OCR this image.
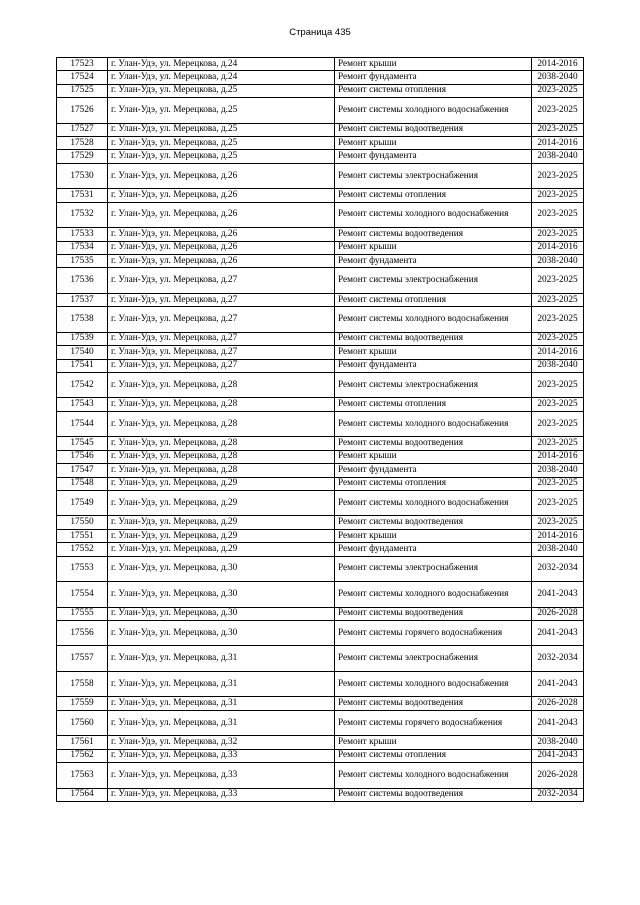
Страница 435
17523	г. Улан-Удэ, ул. Мерецкова, д.24	Ремонт крыши	2014-2016
17524	г. Улан-Удэ, ул. Мерецкова, д.24	Ремонт фундамента	2038-2040
17525	г. Улан-Удэ, ул. Мерецкова, д.25	Ремонт системы отопления	2023-2025
17526	г. Улан-Удэ, ул. Мерецкова, д.25	Ремонт системы холодного водоснабжения	2023-2025
17527	г. Улан-Удэ, ул. Мерецкова, д.25	Ремонт системы водоотведения	2023-2025
17528	г. Улан-Удэ, ул. Мерецкова, д.25	Ремонт крыши	2014-2016
17529	г. Улан-Удэ, ул. Мерецкова, д.25	Ремонт фундамента	2038-2040
17530	г. Улан-Удэ, ул. Мерецкова, д.26	Ремонт системы электроснабжения	2023-2025
17531	г. Улан-Удэ, ул. Мерецкова, д.26	Ремонт системы отопления	2023-2025
17532	г. Улан-Удэ, ул. Мерецкова, д.26	Ремонт системы холодного водоснабжения	2023-2025
17533	г. Улан-Удэ, ул. Мерецкова, д.26	Ремонт системы водоотведения	2023-2025
17534	г. Улан-Удэ, ул. Мерецкова, д.26	Ремонт крыши	2014-2016
17535	г. Улан-Удэ, ул. Мерецкова, д.26	Ремонт фундамента	2038-2040
17536	г. Улан-Удэ, ул. Мерецкова, д.27	Ремонт системы электроснабжения	2023-2025
17537	г. Улан-Удэ, ул. Мерецкова, д.27	Ремонт системы отопления	2023-2025
17538	г. Улан-Удэ, ул. Мерецкова, д.27	Ремонт системы холодного водоснабжения	2023-2025
17539	г. Улан-Удэ, ул. Мерецкова, д.27	Ремонт системы водоотведения	2023-2025
17540	г. Улан-Удэ, ул. Мерецкова, д.27	Ремонт крыши	2014-2016
17541	г. Улан-Удэ, ул. Мерецкова, д.27	Ремонт фундамента	2038-2040
17542	г. Улан-Удэ, ул. Мерецкова, д.28	Ремонт системы электроснабжения	2023-2025
17543	г. Улан-Удэ, ул. Мерецкова, д.28	Ремонт системы отопления	2023-2025
17544	г. Улан-Удэ, ул. Мерецкова, д.28	Ремонт системы холодного водоснабжения	2023-2025
17545	г. Улан-Удэ, ул. Мерецкова, д.28	Ремонт системы водоотведения	2023-2025
17546	г. Улан-Удэ, ул. Мерецкова, д.28	Ремонт крыши	2014-2016
17547	г. Улан-Удэ, ул. Мерецкова, д.28	Ремонт фундамента	2038-2040
17548	г. Улан-Удэ, ул. Мерецкова, д.29	Ремонт системы отопления	2023-2025
17549	г. Улан-Удэ, ул. Мерецкова, д.29	Ремонт системы холодного водоснабжения	2023-2025
17550	г. Улан-Удэ, ул. Мерецкова, д.29	Ремонт системы водоотведения	2023-2025
17551	г. Улан-Удэ, ул. Мерецкова, д.29	Ремонт крыши	2014-2016
17552	г. Улан-Удэ, ул. Мерецкова, д.29	Ремонт фундамента	2038-2040
17553	г. Улан-Удэ, ул. Мерецкова, д.30	Ремонт системы электроснабжения	2032-2034
17554	г. Улан-Удэ, ул. Мерецкова, д.30	Ремонт системы холодного водоснабжения	2041-2043
17555	г. Улан-Удэ, ул. Мерецкова, д.30	Ремонт системы водоотведения	2026-2028
17556	г. Улан-Удэ, ул. Мерецкова, д.30	Ремонт системы горячего водоснабжения	2041-2043
17557	г. Улан-Удэ, ул. Мерецкова, д.31	Ремонт системы электроснабжения	2032-2034
17558	г. Улан-Удэ, ул. Мерецкова, д.31	Ремонт системы холодного водоснабжения	2041-2043
17559	г. Улан-Удэ, ул. Мерецкова, д.31	Ремонт системы водоотведения	2026-2028
17560	г. Улан-Удэ, ул. Мерецкова, д.31	Ремонт системы горячего водоснабжения	2041-2043
17561	г. Улан-Удэ, ул. Мерецкова, д.32	Ремонт крыши	2038-2040
17562	г. Улан-Удэ, ул. Мерецкова, д.33	Ремонт системы отопления	2041-2043
17563	г. Улан-Удэ, ул. Мерецкова, д.33	Ремонт системы холодного водоснабжения	2026-2028
17564	г. Улан-Удэ, ул. Мерецкова, д.33	Ремонт системы водоотведения	2032-2034
